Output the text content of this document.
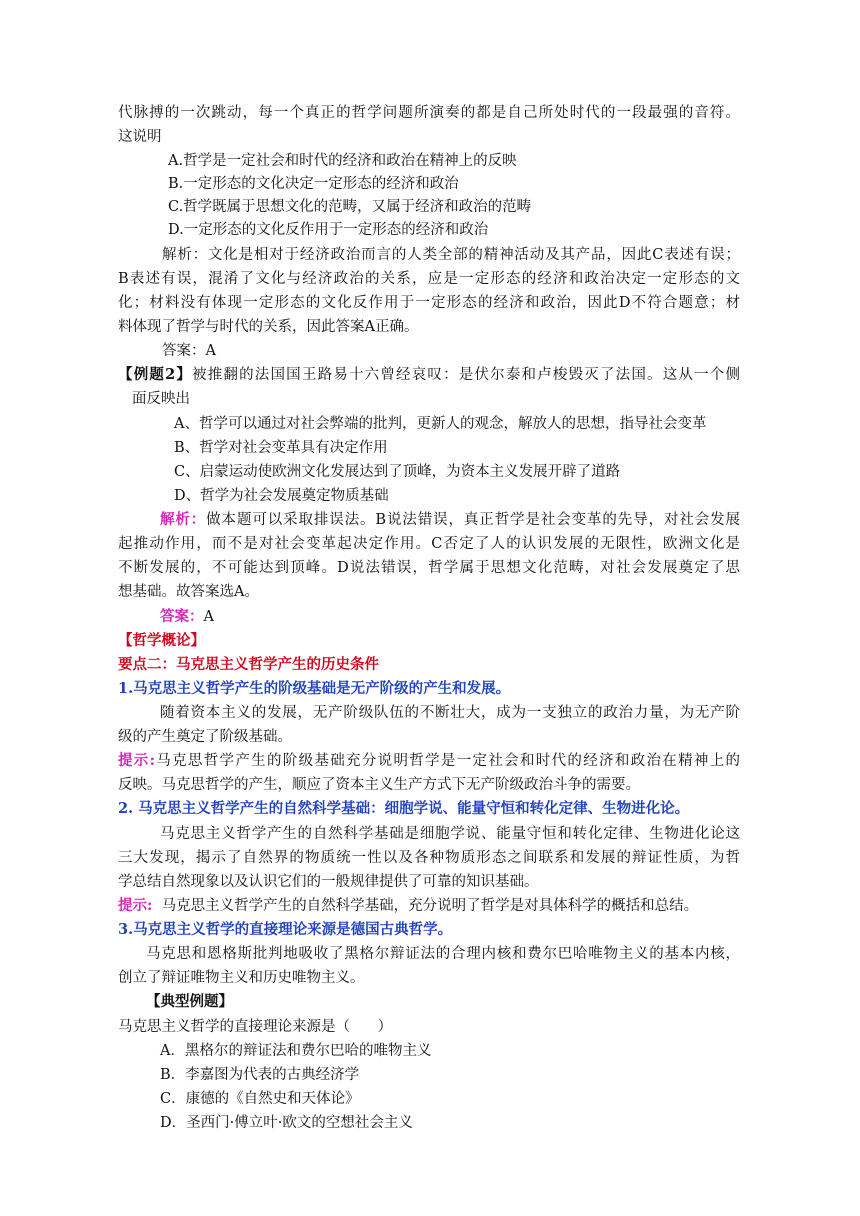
代脉搏的一次跳动，每一个真正的哲学问题所演奏的都是自己所处时代的一段最强的音符。
这说明
A.哲学是一定社会和时代的经济和政治在精神上的反映
B.一定形态的文化决定一定形态的经济和政治
C.哲学既属于思想文化的范畴，又属于经济和政治的范畴
D.一定形态的文化反作用于一定形态的经济和政治
解析：文化是相对于经济政治而言的人类全部的精神活动及其产品，因此C表述有误；
B表述有误，混淆了文化与经济政治的关系，应是一定形态的经济和政治决定一定形态的文
化；材料没有体现一定形态的文化反作用于一定形态的经济和政治，因此D不符合题意；材
料体现了哲学与时代的关系，因此答案A正确。
答案：A
【例题2】被推翻的法国国王路易十六曾经哀叹：是伏尔泰和卢梭毁灭了法国。这从一个侧
面反映出
A、哲学可以通过对社会弊端的批判，更新人的观念，解放人的思想，指导社会变革
B、哲学对社会变革具有决定作用
C、启蒙运动使欧洲文化发展达到了顶峰，为资本主义发展开辟了道路
D、哲学为社会发展奠定物质基础
解析：做本题可以采取排误法。B说法错误，真正哲学是社会变革的先导，对社会发展
起推动作用，而不是对社会变革起决定作用。C否定了人的认识发展的无限性，欧洲文化是
不断发展的，不可能达到顶峰。D说法错误，哲学属于思想文化范畴，对社会发展奠定了思
想基础。故答案选A。
答案：A
【哲学概论】
要点二：马克思主义哲学产生的历史条件
1.马克思主义哲学产生的阶级基础是无产阶级的产生和发展。
随着资本主义的发展，无产阶级队伍的不断壮大，成为一支独立的政治力量，为无产阶
级的产生奠定了阶级基础。
提示:马克思哲学产生的阶级基础充分说明哲学是一定社会和时代的经济和政治在精神上的
反映。马克思哲学的产生，顺应了资本主义生产方式下无产阶级政治斗争的需要。
2. 马克思主义哲学产生的自然科学基础：细胞学说、能量守恒和转化定律、生物进化论。
马克思主义哲学产生的自然科学基础是细胞学说、能量守恒和转化定律、生物进化论这
三大发现，揭示了自然界的物质统一性以及各种物质形态之间联系和发展的辩证性质，为哲
学总结自然现象以及认识它们的一般规律提供了可靠的知识基础。
提示:  马克思主义哲学产生的自然科学基础，充分说明了哲学是对具体科学的概括和总结。
3.马克思主义哲学的直接理论来源是德国古典哲学。
马克思和恩格斯批判地吸收了黑格尔辩证法的合理内核和费尔巴哈唯物主义的基本内核，
创立了辩证唯物主义和历史唯物主义。
【典型例题】
马克思主义哲学的直接理论来源是（      ）
A．黑格尔的辩证法和费尔巴哈的唯物主义
B．李嘉图为代表的古典经济学
C．康德的《自然史和天体论》
D．圣西门·傅立叶·欧文的空想社会主义
